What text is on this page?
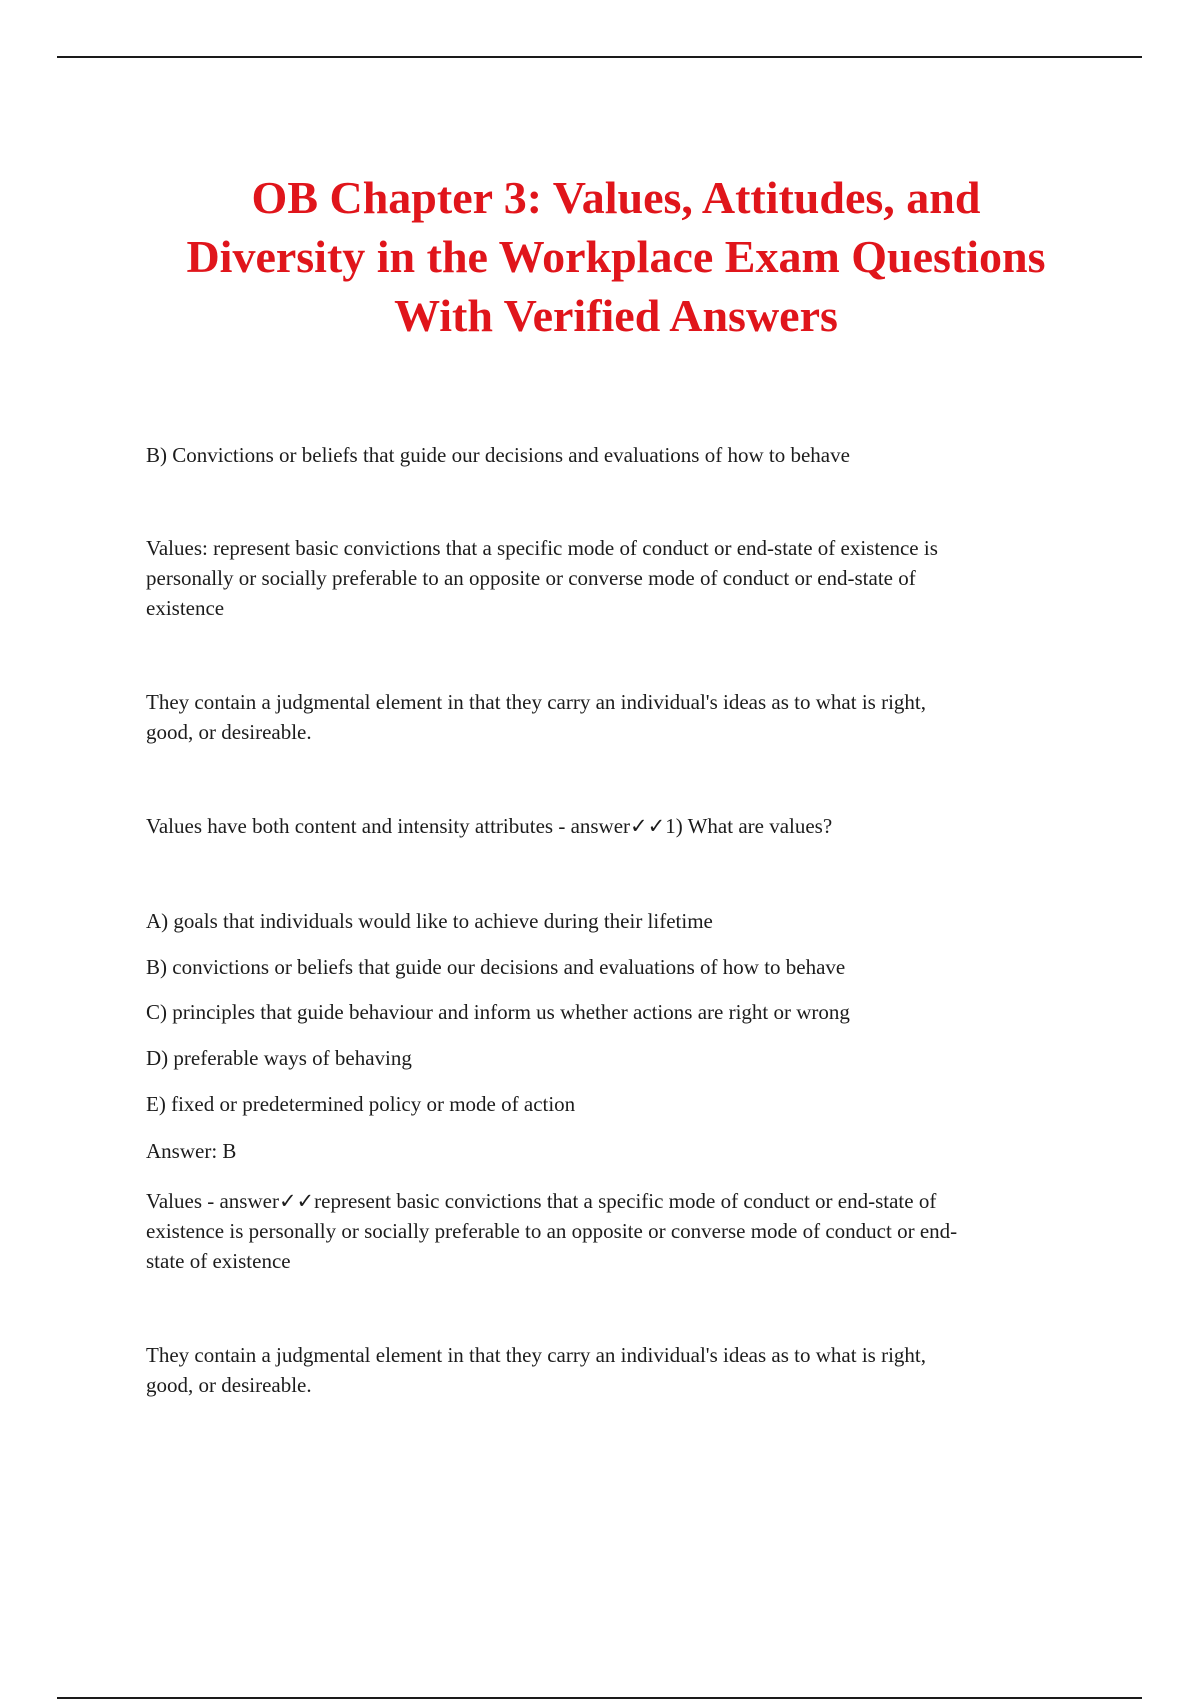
OB Chapter 3: Values, Attitudes, and
Diversity in the Workplace Exam Questions
With Verified Answers

B) Convictions or beliefs that guide our decisions and evaluations of how to behave

Values: represent basic convictions that a specific mode of conduct or end-state of existence is
personally or socially preferable to an opposite or converse mode of conduct or end-state of
existence

They contain a judgmental element in that they carry an individual's ideas as to what is right,
good, or desireable.

Values have both content and intensity attributes - answer✓✓1) What are values?

A) goals that individuals would like to achieve during their lifetime

B) convictions or beliefs that guide our decisions and evaluations of how to behave

C) principles that guide behaviour and inform us whether actions are right or wrong

D) preferable ways of behaving

E) fixed or predetermined policy or mode of action

Answer: B

Values - answer✓✓represent basic convictions that a specific mode of conduct or end-state of
existence is personally or socially preferable to an opposite or converse mode of conduct or end-
state of existence

They contain a judgmental element in that they carry an individual's ideas as to what is right,
good, or desireable.
